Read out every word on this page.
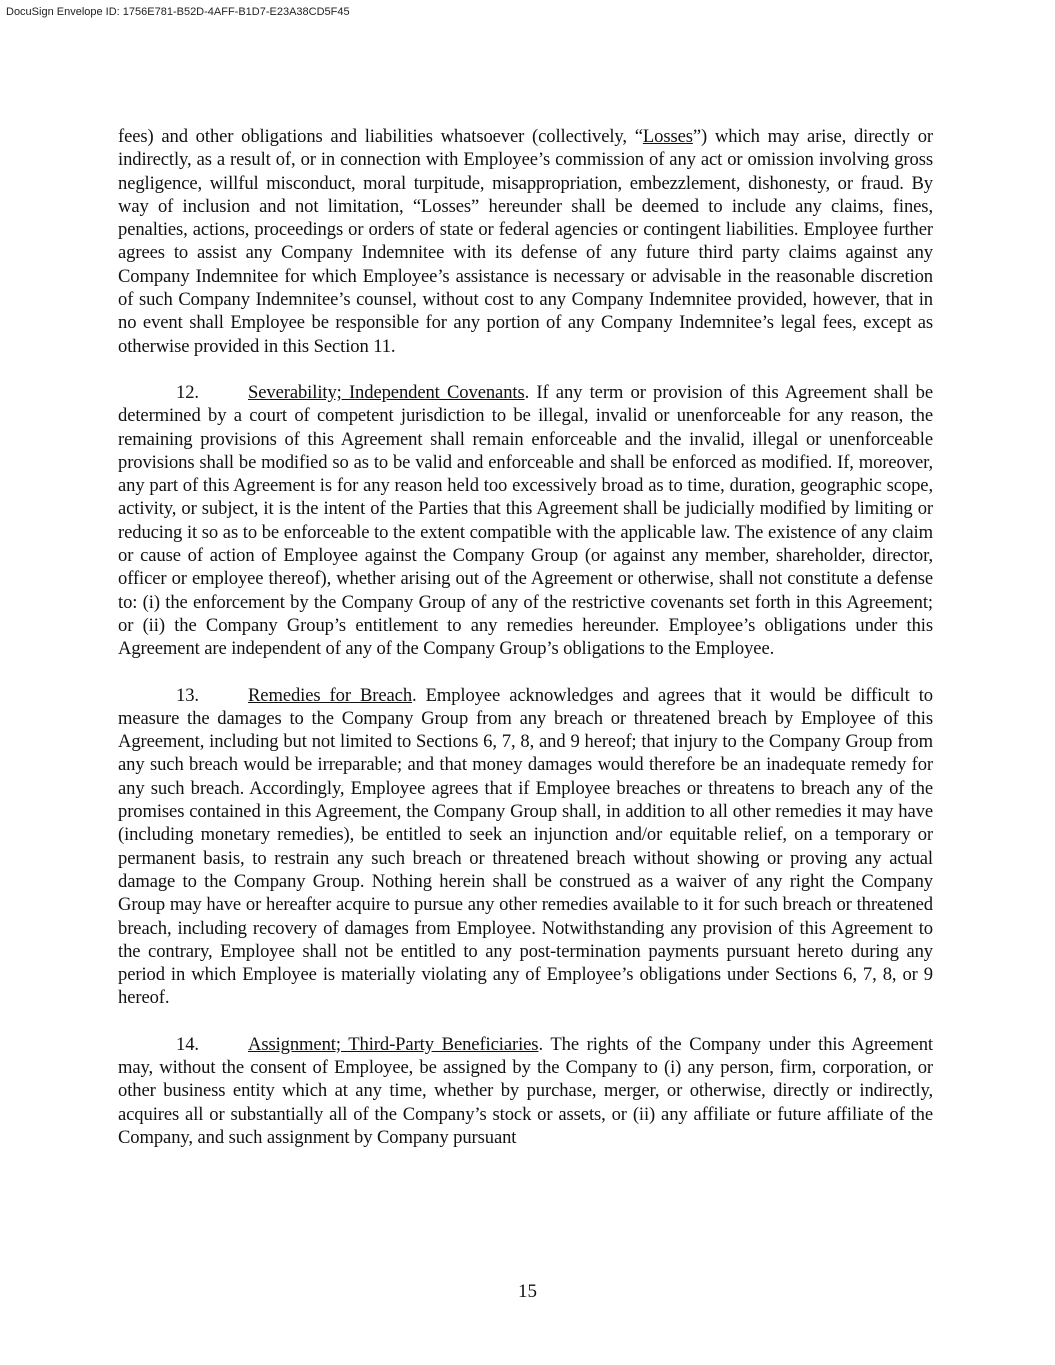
DocuSign Envelope ID: 1756E781-B52D-4AFF-B1D7-E23A38CD5F45

fees) and other obligations and liabilities whatsoever (collectively, “Losses”) which may arise, directly or indirectly, as a result of, or in connection with Employee’s commission of any act or omission involving gross negligence, willful misconduct, moral turpitude, misappropriation, embezzlement, dishonesty, or fraud. By way of inclusion and not limitation, “Losses” hereunder shall be deemed to include any claims, fines, penalties, actions, proceedings or orders of state or federal agencies or contingent liabilities. Employee further agrees to assist any Company Indemnitee with its defense of any future third party claims against any Company Indemnitee for which Employee’s assistance is necessary or advisable in the reasonable discretion of such Company Indemnitee’s counsel, without cost to any Company Indemnitee provided, however, that in no event shall Employee be responsible for any portion of any Company Indemnitee’s legal fees, except as otherwise provided in this Section 11.

12.	Severability; Independent Covenants. If any term or provision of this Agreement shall be determined by a court of competent jurisdiction to be illegal, invalid or unenforceable for any reason, the remaining provisions of this Agreement shall remain enforceable and the invalid, illegal or unenforceable provisions shall be modified so as to be valid and enforceable and shall be enforced as modified. If, moreover, any part of this Agreement is for any reason held too excessively broad as to time, duration, geographic scope, activity, or subject, it is the intent of the Parties that this Agreement shall be judicially modified by limiting or reducing it so as to be enforceable to the extent compatible with the applicable law. The existence of any claim or cause of action of Employee against the Company Group (or against any member, shareholder, director, officer or employee thereof), whether arising out of the Agreement or otherwise, shall not constitute a defense to: (i) the enforcement by the Company Group of any of the restrictive covenants set forth in this Agreement; or (ii) the Company Group’s entitlement to any remedies hereunder. Employee’s obligations under this Agreement are independent of any of the Company Group’s obligations to the Employee.

13.	Remedies for Breach. Employee acknowledges and agrees that it would be difficult to measure the damages to the Company Group from any breach or threatened breach by Employee of this Agreement, including but not limited to Sections 6, 7, 8, and 9 hereof; that injury to the Company Group from any such breach would be irreparable; and that money damages would therefore be an inadequate remedy for any such breach. Accordingly, Employee agrees that if Employee breaches or threatens to breach any of the promises contained in this Agreement, the Company Group shall, in addition to all other remedies it may have (including monetary remedies), be entitled to seek an injunction and/or equitable relief, on a temporary or permanent basis, to restrain any such breach or threatened breach without showing or proving any actual damage to the Company Group. Nothing herein shall be construed as a waiver of any right the Company Group may have or hereafter acquire to pursue any other remedies available to it for such breach or threatened breach, including recovery of damages from Employee. Notwithstanding any provision of this Agreement to the contrary, Employee shall not be entitled to any post-termination payments pursuant hereto during any period in which Employee is materially violating any of Employee’s obligations under Sections 6, 7, 8, or 9 hereof.

14.	Assignment; Third-Party Beneficiaries. The rights of the Company under this Agreement may, without the consent of Employee, be assigned by the Company to (i) any person, firm, corporation, or other business entity which at any time, whether by purchase, merger, or otherwise, directly or indirectly, acquires all or substantially all of the Company’s stock or assets, or (ii) any affiliate or future affiliate of the Company, and such assignment by Company pursuant

15
